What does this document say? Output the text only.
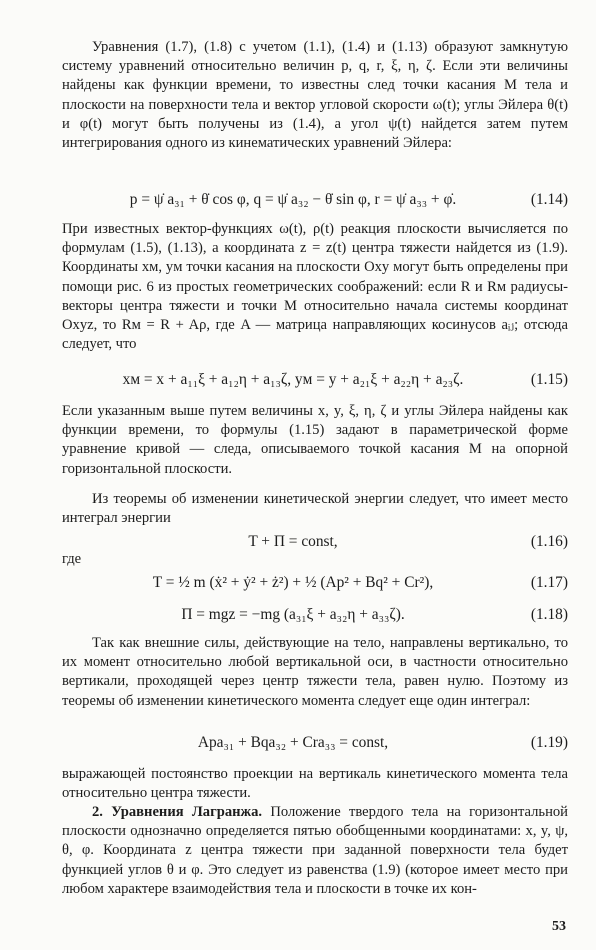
Уравнения (1.7), (1.8) с учетом (1.1), (1.4) и (1.13) образуют замкнутую систему уравнений относительно величин p, q, r, ξ, η, ζ. Если эти величины найдены как функции времени, то известны след точки касания M тела и плоскости на поверхности тела и вектор угловой скорости ω(t); углы Эйлера θ(t) и φ(t) могут быть получены из (1.4), а угол ψ(t) найдется затем путем интегрирования одного из кинематических уравнений Эйлера:

p = ψ̇ a₃₁ + θ̇ cos φ, q = ψ̇ a₃₂ − θ̇ sin φ, r = ψ̇ a₃₃ + φ̇.	(1.14)

При известных вектор-функциях ω(t), ρ(t) реакция плоскости вычисляется по формулам (1.5), (1.13), а координата z = z(t) центра тяжести найдется из (1.9). Координаты xм, yм точки касания на плоскости Oxy могут быть определены при помощи рис. 6 из простых геометрических соображений: если R и Rм радиусы-векторы центра тяжести и точки M относительно начала системы координат Oxyz, то Rм = R + Aρ, где A — матрица направляющих косинусов aᵢⱼ; отсюда следует, что

xм = x + a₁₁ξ + a₁₂η + a₁₃ζ, yм = y + a₂₁ξ + a₂₂η + a₂₃ζ.	(1.15)

Если указанным выше путем величины x, y, ξ, η, ζ и углы Эйлера найдены как функции времени, то формулы (1.15) задают в параметрической форме уравнение кривой — следа, описываемого точкой касания M на опорной горизонтальной плоскости.

Из теоремы об изменении кинетической энергии следует, что имеет место интеграл энергии

T + Π = const,	(1.16)
где
T = ½ m (ẋ² + ẏ² + ż²) + ½ (Ap² + Bq² + Cr²),	(1.17)
Π = mgz = −mg (a₃₁ξ + a₃₂η + a₃₃ζ).	(1.18)

Так как внешние силы, действующие на тело, направлены вертикально, то их момент относительно любой вертикальной оси, в частности относительно вертикали, проходящей через центр тяжести тела, равен нулю. Поэтому из теоремы об изменении кинетического момента следует еще один интеграл:

Apa₃₁ + Bqa₃₂ + Cra₃₃ = const,	(1.19)

выражающей постоянство проекции на вертикаль кинетического момента тела относительно центра тяжести.

2. Уравнения Лагранжа. Положение твердого тела на горизонтальной плоскости однозначно определяется пятью обобщенными координатами: x, y, ψ, θ, φ. Координата z центра тяжести при заданной поверхности тела будет функцией углов θ и φ. Это следует из равенства (1.9) (которое имеет место при любом характере взаимодействия тела и плоскости в точке их кон-

53
